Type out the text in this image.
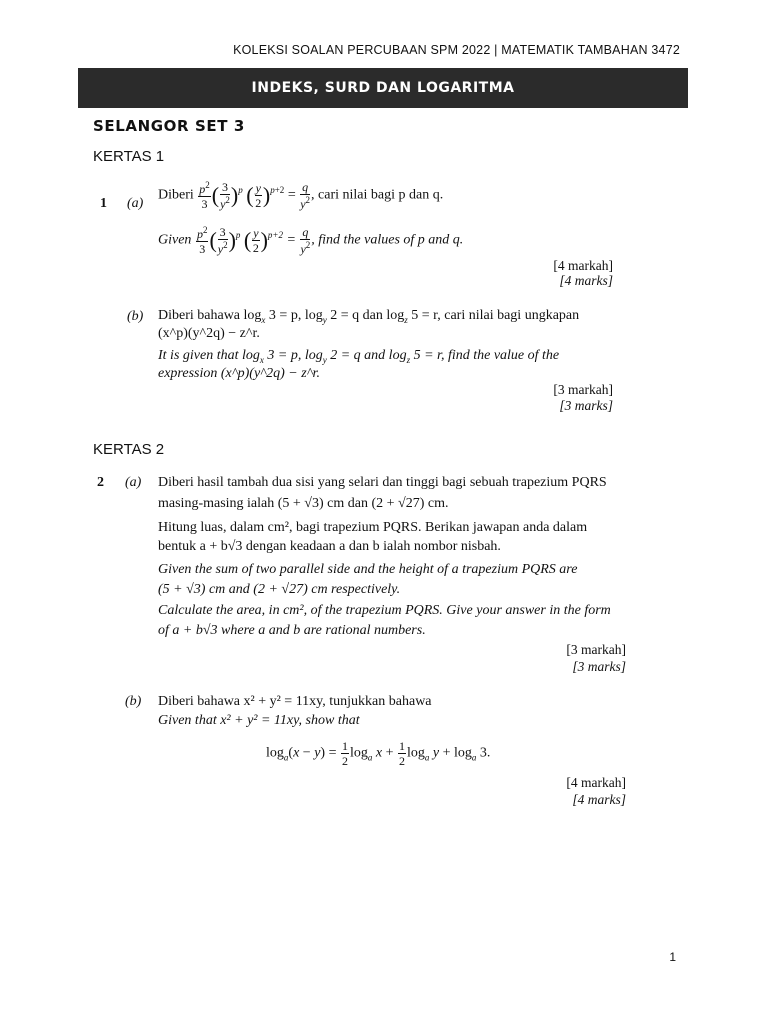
KOLEKSI SOALAN PERCUBAAN SPM 2022 | MATEMATIK TAMBAHAN 3472
INDEKS, SURD DAN LOGARITMA
SELANGOR SET 3
KERTAS 1
1 (a)
Diberi $\frac{p^2}{3}$ ( $\frac{3}{y^2} )^p$ ( $\frac{y}{2} )^{p+2} = \frac{q}{y^2}$ , cari nilai bagi p dan q.
Given $\frac{p^2}{3}$ ( $\frac{3}{y^2} )^p$ ( $\frac{y}{2} )^{p+2} = \frac{q}{y^2}$ , find the values of p and q.
[4 markah]
[4 marks]
(b) Diberi bahawa $\log_x 3 = p$, $\log_y 2 = q$ dan $\log_z 5 = r$, cari nilai bagi ungkapan
(x^p)(y^2q) − z^r.
It is given that $\log_x 3 = p$, $\log_y 2 = q$ and $\log_z 5 = r$, find the value of the
expression (x^p)(y^2q) − z^r.
[3 markah]
[3 marks]
KERTAS 2
2 (a) Diberi hasil tambah dua sisi yang selari dan tinggi bagi sebuah trapezium PQRS
masing-masing ialah (5 + √3) cm dan (2 + √27) cm.
Hitung luas, dalam cm², bagi trapezium PQRS. Berikan jawapan anda dalam
bentuk a + b√3 dengan keadaan a dan b ialah nombor nisbah.
Given the sum of two parallel side and the height of a trapezium PQRS are
(5 + √3) cm and (2 + √27) cm respectively.
Calculate the area, in cm², of the trapezium PQRS. Give your answer in the form
of a + b√3 where a and b are rational numbers.
[3 markah]
[3 marks]
(b) Diberi bahawa x² + y² = 11xy, tunjukkan bahawa
Given that x² + y² = 11xy, show that
$\log_a(x - y) = \frac{1}{2} \log_a x + \frac{1}{2} \log_a y + \log_a 3$.
[4 markah]
[4 marks]
1
